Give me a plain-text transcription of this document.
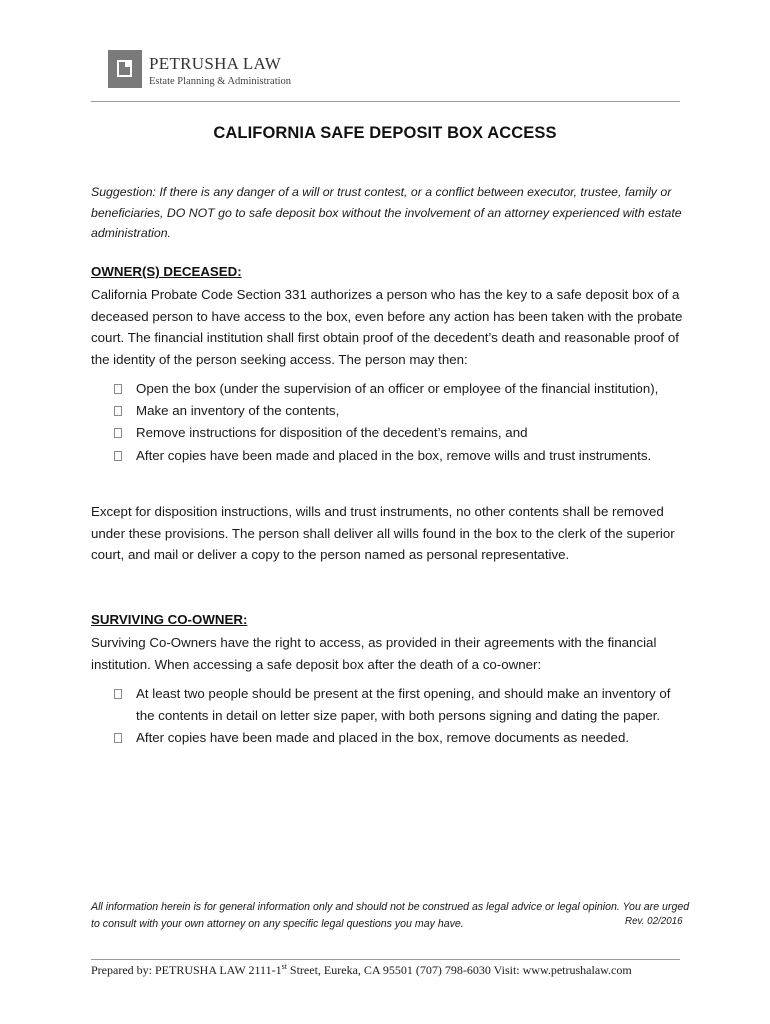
PETRUSHA LAW
Estate Planning & Administration
CALIFORNIA SAFE DEPOSIT BOX ACCESS
Suggestion: If there is any danger of a will or trust contest, or a conflict between executor, trustee, family or beneficiaries, DO NOT go to safe deposit box without the involvement of an attorney experienced with estate administration.
OWNER(S) DECEASED:
California Probate Code Section 331 authorizes a person who has the key to a safe deposit box of a deceased person to have access to the box, even before any action has been taken with the probate court. The financial institution shall first obtain proof of the decedent’s death and reasonable proof of the identity of the person seeking access. The person may then:
Open the box (under the supervision of an officer or employee of the financial institution),
Make an inventory of the contents,
Remove instructions for disposition of the decedent’s remains, and
After copies have been made and placed in the box, remove wills and trust instruments.
Except for disposition instructions, wills and trust instruments, no other contents shall be removed under these provisions. The person shall deliver all wills found in the box to the clerk of the superior court, and mail or deliver a copy to the person named as personal representative.
SURVIVING CO-OWNER:
Surviving Co-Owners have the right to access, as provided in their agreements with the financial institution. When accessing a safe deposit box after the death of a co-owner:
At least two people should be present at the first opening, and should make an inventory of the contents in detail on letter size paper, with both persons signing and dating the paper.
After copies have been made and placed in the box, remove documents as needed.
All information herein is for general information only and should not be construed as legal advice or legal opinion. You are urged to consult with your own attorney on any specific legal questions you may have.	Rev. 02/2016
Prepared by: PETRUSHA LAW 2111-1st Street, Eureka, CA 95501 (707) 798-6030 Visit: www.petrushalaw.com
